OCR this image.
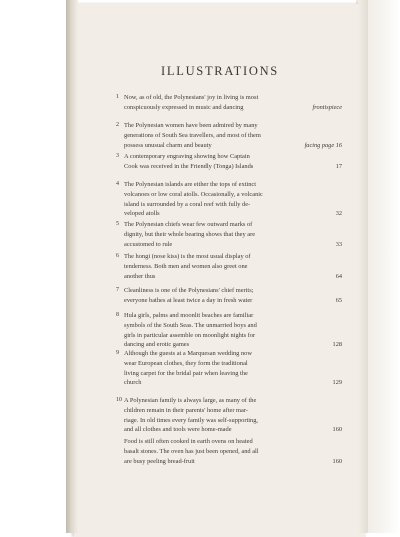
ILLUSTRATIONS
1 Now, as of old, the Polynesians' joy in living is most
conspicuously expressed in music and dancing	frontispiece
2 The Polynesian women have been admired by many
generations of South Sea travellers, and most of them
possess unusual charm and beauty	facing page 16
3 A contemporary engraving showing how Captain
Cook was received in the Friendly (Tonga) Islands	17
4 The Polynesian islands are either the tops of extinct
volcanoes or low coral atolls. Occasionally, a volcanic
island is surrounded by a coral reef with fully de-
veloped atolls	32
5 The Polynesian chiefs wear few outward marks of
dignity, but their whole bearing shows that they are
accustomed to rule	33
6 The hongi (nose kiss) is the most usual display of
tenderness. Both men and women also greet one
another thus	64
7 Cleanliness is one of the Polynesians' chief merits;
everyone bathes at least twice a day in fresh water	65
8 Hula girls, palms and moonlit beaches are familiar
symbols of the South Seas. The unmarried boys and
girls in particular assemble on moonlight nights for
dancing and erotic games	128
9 Although the guests at a Marquesan wedding now
wear European clothes, they form the traditional
living carpet for the bridal pair when leaving the
church	129
10 A Polynesian family is always large, as many of the
children remain in their parents' home after mar-
riage. In old times every family was self-supporting,
and all clothes and tools were home-made	160
Food is still often cooked in earth ovens on heated
basalt stones. The oven has just been opened, and all
are busy peeling bread-fruit	160
